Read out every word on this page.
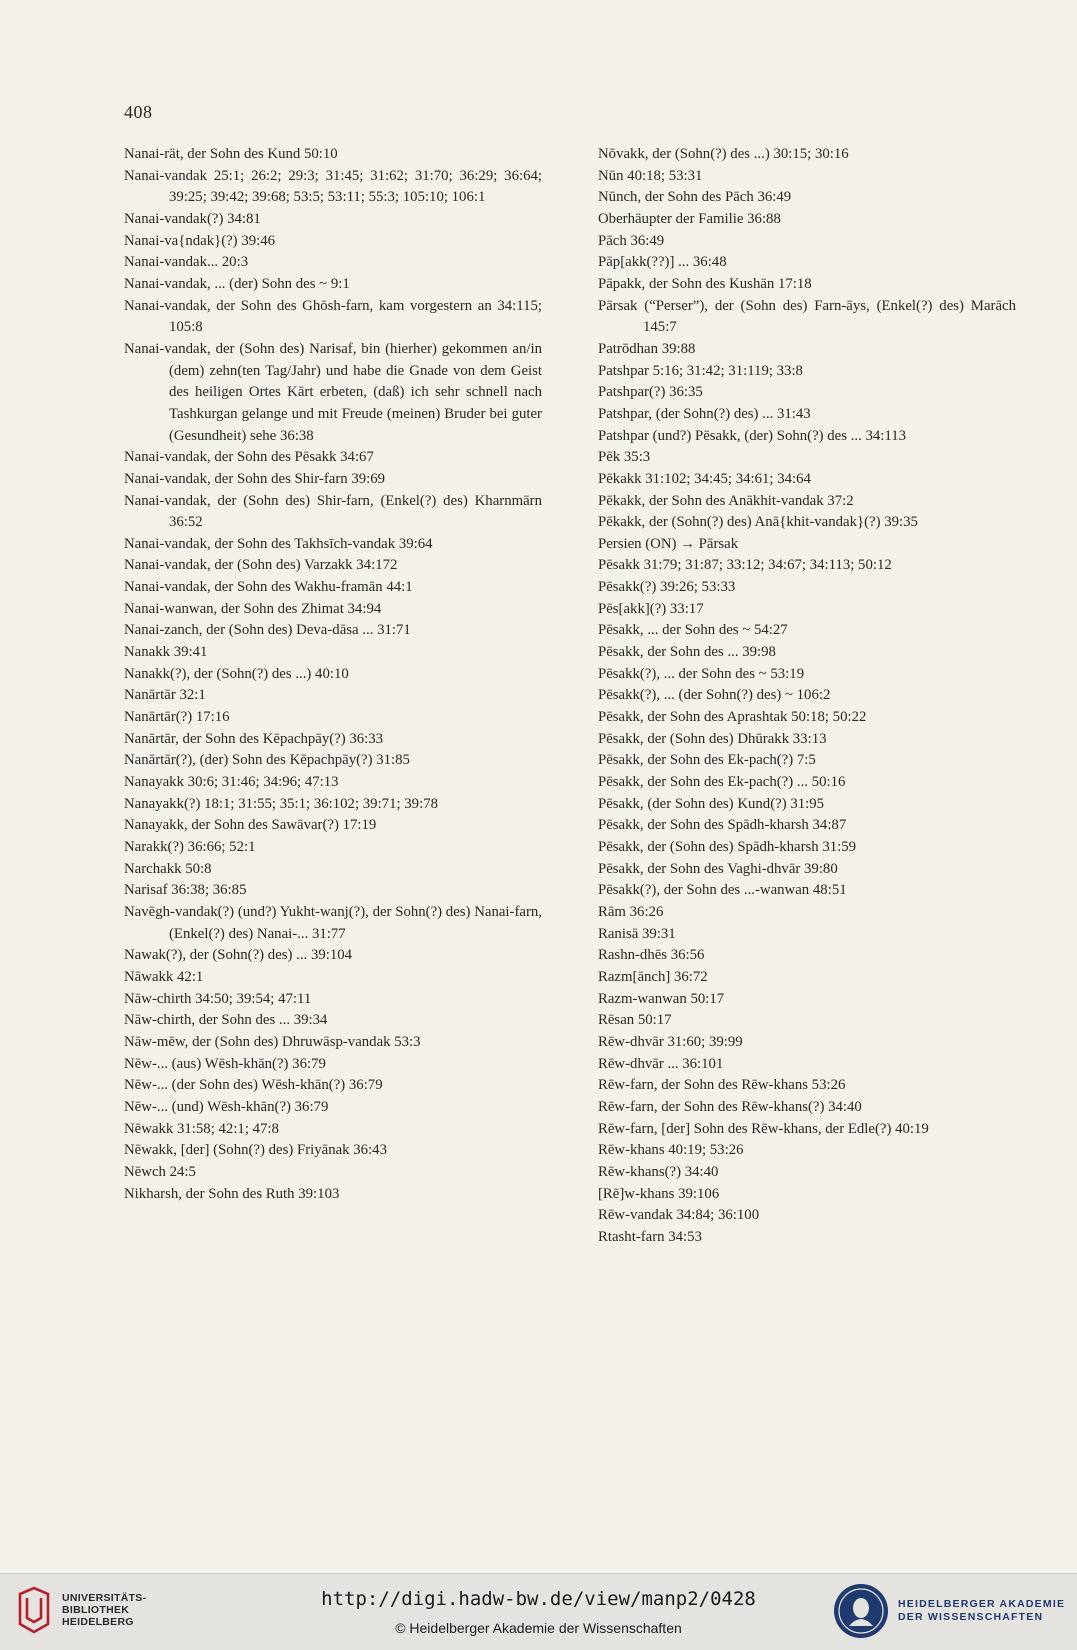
408
Nanai-rät, der Sohn des Kund 50:10
Nanai-vandak 25:1; 26:2; 29:3; 31:45; 31:62; 31:70; 36:29; 36:64; 39:25; 39:42; 39:68; 53:5; 53:11; 55:3; 105:10; 106:1
Nanai-vandak(?) 34:81
Nanai-va{ndak}(?) 39:46
Nanai-vandak... 20:3
Nanai-vandak, ... (der) Sohn des ~ 9:1
Nanai-vandak, der Sohn des Ghōsh-farn, kam vorgestern an 34:115; 105:8
Nanai-vandak, der (Sohn des) Narisaf, bin (hierher) gekommen an/in (dem) zehn(ten Tag/Jahr) und habe die Gnade von dem Geist des heiligen Ortes Kārt erbeten, (daß) ich sehr schnell nach Tashkurgan gelange und mit Freude (meinen) Bruder bei guter (Gesundheit) sehe 36:38
Nanai-vandak, der Sohn des Pēsakk 34:67
Nanai-vandak, der Sohn des Shir-farn 39:69
Nanai-vandak, der (Sohn des) Shir-farn, (Enkel(?) des) Kharnmārn 36:52
Nanai-vandak, der Sohn des Takhsīch-vandak 39:64
Nanai-vandak, der (Sohn des) Varzakk 34:172
Nanai-vandak, der Sohn des Wakhu-framān 44:1
Nanai-wanwan, der Sohn des Zhimat 34:94
Nanai-zanch, der (Sohn des) Deva-dāsa ... 31:71
Nanakk 39:41
Nanakk(?), der (Sohn(?) des ...) 40:10
Nanārtār 32:1
Nanārtār(?) 17:16
Nanārtār, der Sohn des Kēpachpāy(?) 36:33
Nanārtār(?), (der) Sohn des Kēpachpāy(?) 31:85
Nanayakk 30:6; 31:46; 34:96; 47:13
Nanayakk(?) 18:1; 31:55; 35:1; 36:102; 39:71; 39:78
Nanayakk, der Sohn des Sawāvar(?) 17:19
Narakk(?) 36:66; 52:1
Narchakk 50:8
Narisaf 36:38; 36:85
Navēgh-vandak(?) (und?) Yukht-wanj(?), der Sohn(?) des) Nanai-farn, (Enkel(?) des) Nanai-... 31:77
Nawak(?), der (Sohn(?) des) ... 39:104
Nāwakk 42:1
Nāw-chirth 34:50; 39:54; 47:11
Nāw-chirth, der Sohn des ... 39:34
Nāw-mēw, der (Sohn des) Dhruwāsp-vandak 53:3
Nēw-... (aus) Wēsh-khān(?) 36:79
Nēw-... (der Sohn des) Wēsh-khān(?) 36:79
Nēw-... (und) Wēsh-khān(?) 36:79
Nēwakk 31:58; 42:1; 47:8
Nēwakk, [der] (Sohn(?) des) Friyānak 36:43
Nēwch 24:5
Nikharsh, der Sohn des Ruth 39:103
Nōvakk, der (Sohn(?) des ...) 30:15; 30:16
Nūn 40:18; 53:31
Nūnch, der Sohn des Pāch 36:49
Oberhäupter der Familie 36:88
Pāch 36:49
Pāp[akk(??)] ... 36:48
Pāpakk, der Sohn des Kushān 17:18
Pārsak (“Perser”), der (Sohn des) Farn-āys, (Enkel(?) des) Marāch 145:7
Patrōdhan 39:88
Patshpar 5:16; 31:42; 31:119; 33:8
Patshpar(?) 36:35
Patshpar, (der Sohn(?) des) ... 31:43
Patshpar (und?) Pēsakk, (der) Sohn(?) des ... 34:113
Pēk 35:3
Pēkakk 31:102; 34:45; 34:61; 34:64
Pēkakk, der Sohn des Anākhit-vandak 37:2
Pēkakk, der (Sohn(?) des) Anā{khit-vandak}(?) 39:35
Persien (ON) → Pārsak
Pēsakk 31:79; 31:87; 33:12; 34:67; 34:113; 50:12
Pēsakk(?) 39:26; 53:33
Pēs[akk](?) 33:17
Pēsakk, ... der Sohn des ~ 54:27
Pēsakk, der Sohn des ... 39:98
Pēsakk(?), ... der Sohn des ~ 53:19
Pēsakk(?), ... (der Sohn(?) des) ~ 106:2
Pēsakk, der Sohn des Aprashtak 50:18; 50:22
Pēsakk, der (Sohn des) Dhūrakk 33:13
Pēsakk, der Sohn des Ek-pach(?) 7:5
Pēsakk, der Sohn des Ek-pach(?) ... 50:16
Pēsakk, (der Sohn des) Kund(?) 31:95
Pēsakk, der Sohn des Spādh-kharsh 34:87
Pēsakk, der (Sohn des) Spādh-kharsh 31:59
Pēsakk, der Sohn des Vaghi-dhvār 39:80
Pēsakk(?), der Sohn des ...-wanwan 48:51
Rām 36:26
Ranisā 39:31
Rashn-dhēs 36:56
Razm[ānch] 36:72
Razm-wanwan 50:17
Rēsan 50:17
Rēw-dhvār 31:60; 39:99
Rēw-dhvār ... 36:101
Rēw-farn, der Sohn des Rēw-khans 53:26
Rēw-farn, der Sohn des Rēw-khans(?) 34:40
Rēw-farn, [der] Sohn des Rēw-khans, der Edle(?) 40:19
Rēw-khans 40:19; 53:26
Rēw-khans(?) 34:40
[Rē]w-khans 39:106
Rēw-vandak 34:84; 36:100
Rtasht-farn 34:53
UNIVERSITÄTS-
BIBLIOTHEK
HEIDELBERG
http://digi.hadw-bw.de/view/manp2/0428
© Heidelberger Akademie der Wissenschaften
HEIDELBERGER AKADEMIE
DER WISSENSCHAFTEN
